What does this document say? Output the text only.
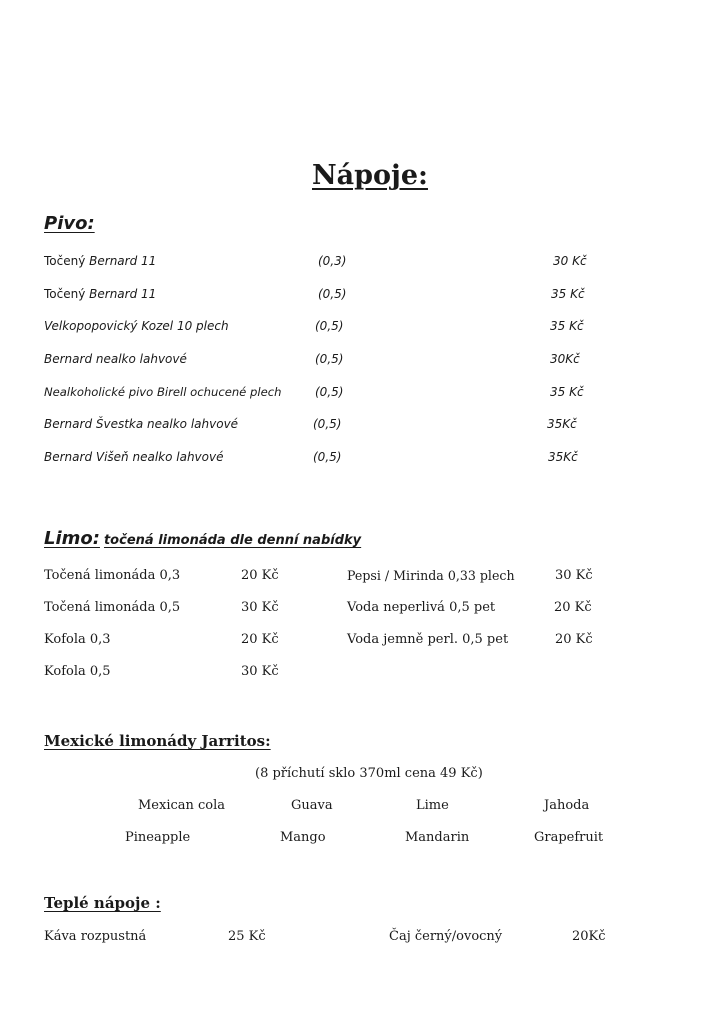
Nápoje:
Pivo:
Točený Bernard 11	(0,3)	30 Kč
Točený Bernard 11	(0,5)	35 Kč
Velkopopovický Kozel 10 plech	(0,5)	35 Kč
Bernard nealko lahvové	(0,5)	30Kč
Nealkoholické pivo Birell ochucené plech	(0,5)	35 Kč
Bernard Švestka nealko lahvové	(0,5)	35Kč
Bernard Višeň nealko lahvové	(0,5)	35Kč
Limo: točená limonáda dle denní nabídky
Točená limonáda 0,3	20 Kč
Točená limonáda 0,5	30 Kč
Kofola 0,3	20 Kč
Kofola 0,5	30 Kč
Pepsi / Mirinda 0,33 plech	30 Kč
Voda neperlivá 0,5 pet	20 Kč
Voda jemně perl. 0,5 pet	20 Kč
Mexické limonády Jarritos:
(8 příchutí sklo 370ml cena 49 Kč)
Mexican cola	Guava	Lime	Jahoda
Pineapple	Mango	Mandarin	Grapefruit
Teplé nápoje :
Káva rozpustná	25 Kč	Čaj černý/ovocný	20Kč
